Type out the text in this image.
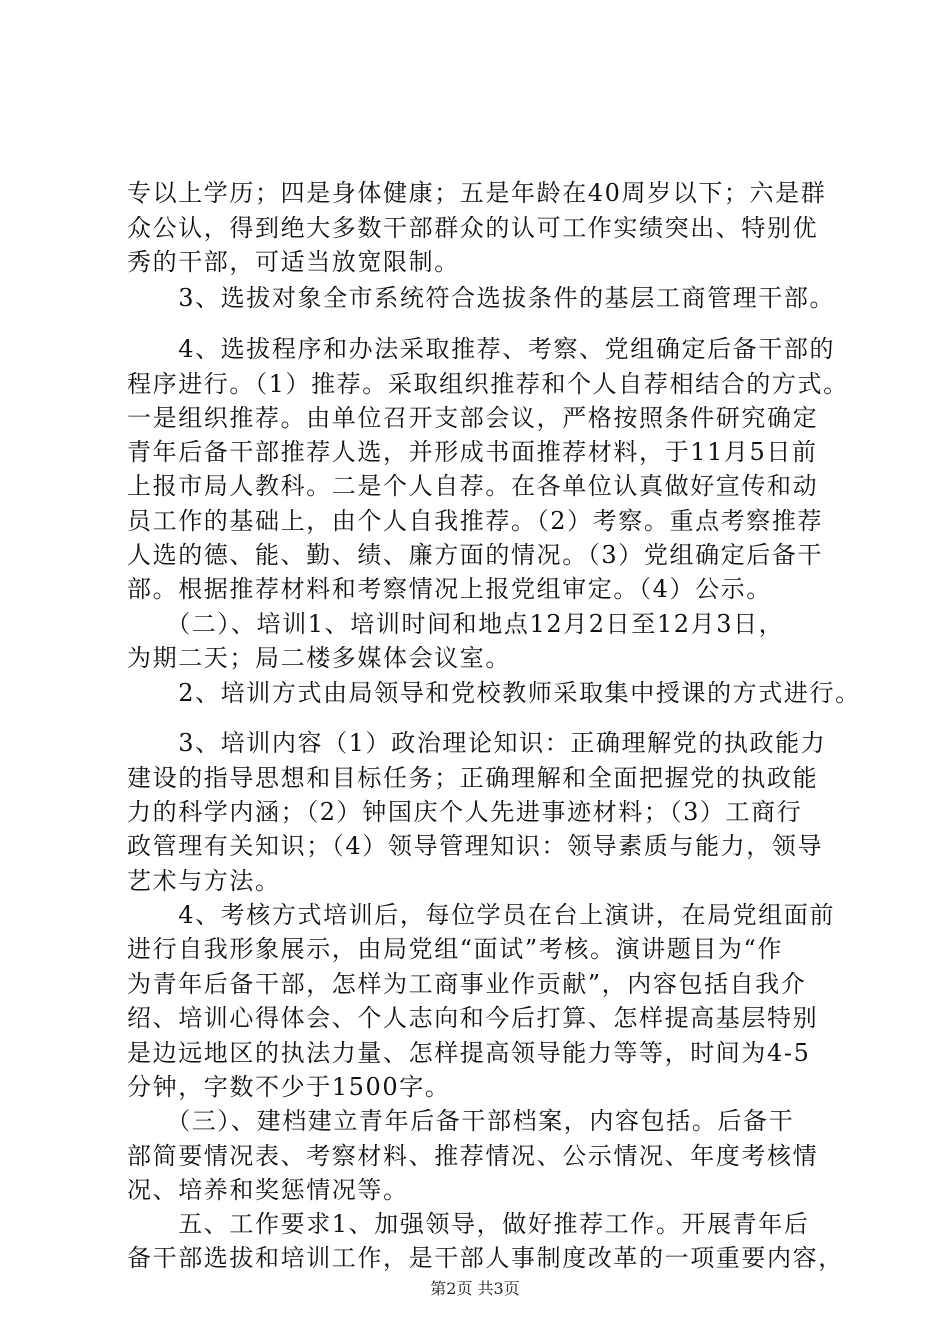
专以上学历；四是身体健康；五是年龄在40周岁以下；六是群
众公认，得到绝大多数干部群众的认可工作实绩突出、特别优
秀的干部，可适当放宽限制。
　　3、选拔对象全市系统符合选拔条件的基层工商管理干部。
　　4、选拔程序和办法采取推荐、考察、党组确定后备干部的
程序进行。（1）推荐。采取组织推荐和个人自荐相结合的方式。
一是组织推荐。由单位召开支部会议，严格按照条件研究确定
青年后备干部推荐人选，并形成书面推荐材料，于11月5日前
上报市局人教科。二是个人自荐。在各单位认真做好宣传和动
员工作的基础上，由个人自我推荐。（2）考察。重点考察推荐
人选的德、能、勤、绩、廉方面的情况。（3）党组确定后备干
部。根据推荐材料和考察情况上报党组审定。（4）公示。
　　（二）、培训1、培训时间和地点12月2日至12月3日，
为期二天；局二楼多媒体会议室。
　　2、培训方式由局领导和党校教师采取集中授课的方式进行。
　　3、培训内容（1）政治理论知识：正确理解党的执政能力
建设的指导思想和目标任务；正确理解和全面把握党的执政能
力的科学内涵；（2）钟国庆个人先进事迹材料；（3）工商行
政管理有关知识；（4）领导管理知识：领导素质与能力，领导
艺术与方法。
　　4、考核方式培训后，每位学员在台上演讲，在局党组面前
进行自我形象展示，由局党组“面试”考核。演讲题目为“作
为青年后备干部，怎样为工商事业作贡献”，内容包括自我介
绍、培训心得体会、个人志向和今后打算、怎样提高基层特别
是边远地区的执法力量、怎样提高领导能力等等，时间为4-5
分钟，字数不少于1500字。
　　（三）、建档建立青年后备干部档案，内容包括。后备干
部简要情况表、考察材料、推荐情况、公示情况、年度考核情
况、培养和奖惩情况等。
　　五、工作要求1、加强领导，做好推荐工作。开展青年后
备干部选拔和培训工作，是干部人事制度改革的一项重要内容，
第2页 共3页
